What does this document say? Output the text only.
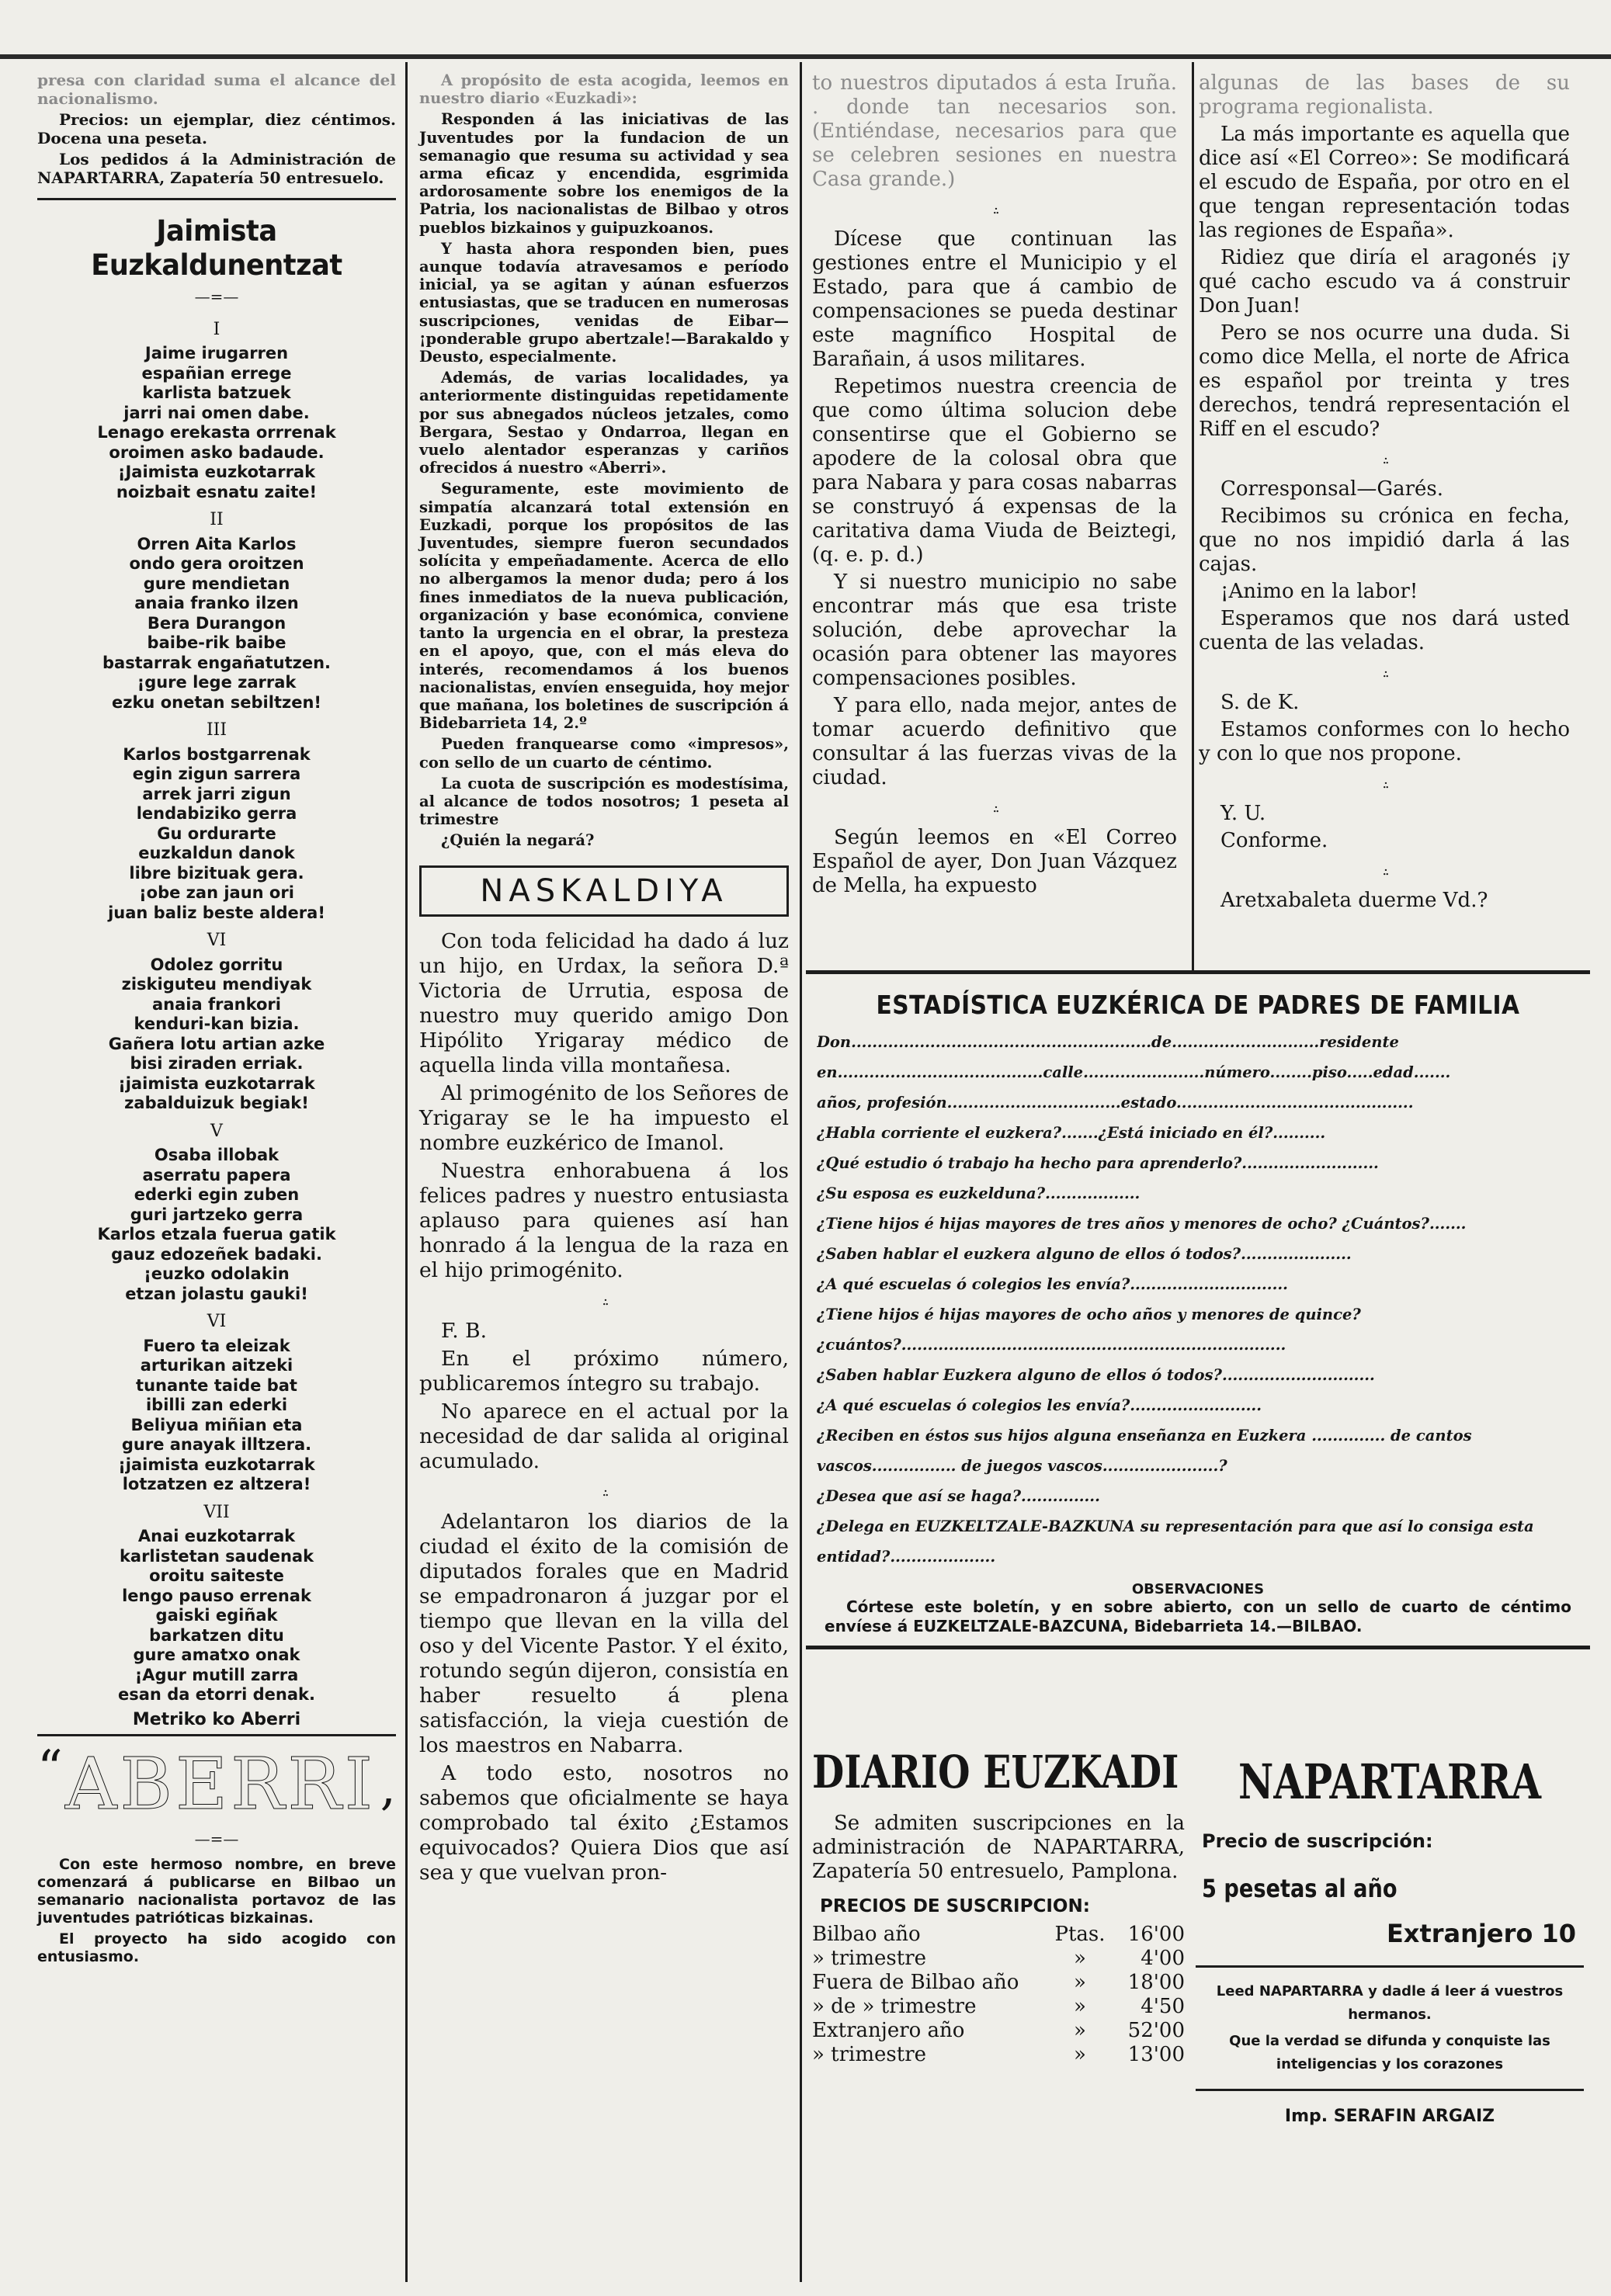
presa con claridad suma el alcance del nacionalismo.

Precios: un ejemplar, diez céntimos. Docena una peseta.

Los pedidos á la Administración de NAPARTARRA, Zapatería 50 entresuelo.

Jaimista Euzkaldunentzat
—=—
I
Jaime irugarren
españian errege
karlista batzuek
jarri nai omen dabe.
Lenago erekasta orrrenak
oroimen asko badaude.
¡Jaimista euzkotarrak
noizbait esnatu zaite!
II
Orren Aita Karlos
ondo gera oroitzen
gure mendietan
anaia franko ilzen
Bera Durangon
baibe-rik baibe
bastarrak engañatutzen.
¡gure lege zarrak
ezku onetan sebiltzen!
III
Karlos bostgarrenak
egin zigun sarrera
arrek jarri zigun
lendabiziko gerra
Gu ordurarte
euzkaldun danok
libre bizituak gera.
¡obe zan jaun ori
juan baliz beste aldera!
VI
Odolez gorritu
ziskiguteu mendiyak
anaia frankori
kenduri-kan bizia.
Gañera lotu artian azke
bisi ziraden erriak.
¡jaimista euzkotarrak
zabalduizuk begiak!
V
Osaba illobak
aserratu papera
ederki egin zuben
guri jartzeko gerra
Karlos etzala fuerua gatik
gauz edozeñek badaki.
¡euzko odolakin
etzan jolastu gauki!
VI
Fuero ta eleizak
arturikan aitzeki
tunante taide bat
ibilli zan ederki
Beliyua miñian eta
gure anayak illtzera.
¡jaimista euzkotarrak
lotzatzen ez altzera!
VII
Anai euzkotarrak
karlistetan saudenak
oroitu saiteste
lengo pauso errenak
gaiski egiñak
barkatzen ditu
gure amatxo onak
¡Agur mutill zarra
esan da etorri denak.
Metriko ko Aberri
“ ABERRI ,
—=—

Con este hermoso nombre, en breve comenzará á publicarse en Bilbao un semanario nacionalista portavoz de las juventudes patrióticas bizkainas.

El proyecto ha sido acogido con entusiasmo.

A propósito de esta acogida, leemos en nuestro diario «Euzkadi»:

Responden á las iniciativas de las Juventudes por la fundacion de un semanagio que resuma su actividad y sea arma eficaz y encendida, esgrimida ardorosamente sobre los enemigos de la Patria, los nacionalistas de Bilbao y otros pueblos bizkainos y guipuzkoanos.

Y hasta ahora responden bien, pues aunque todavía atravesamos e período inicial, ya se agitan y aúnan esfuerzos entusiastas, que se traducen en numerosas suscripciones, venidas de Eibar—¡ponderable grupo abertzale!—Barakaldo y Deusto, especialmente.

Además, de varias localidades, ya anteriormente distinguidas repetidamente por sus abnegados núcleos jetzales, como Bergara, Sestao y Ondarroa, llegan en vuelo alentador esperanzas y cariños ofrecidos á nuestro «Aberri».

Seguramente, este movimiento de simpatía alcanzará total extensión en Euzkadi, porque los propósitos de las Juventudes, siempre fueron secundados solícita y empeñadamente. Acerca de ello no albergamos la menor duda; pero á los fines inmediatos de la nueva publicación, organización y base económica, conviene tanto la urgencia en el obrar, la presteza en el apoyo, que, con el más eleva do interés, recomendamos á los buenos nacionalistas, envíen enseguida, hoy mejor que mañana, los boletines de suscripción á Bidebarrieta 14, 2.º

Pueden franquearse como «impresos», con sello de un cuarto de céntimo.

La cuota de suscripción es modestísima, al alcance de todos nosotros; 1 peseta al trimestre

¿Quién la negará?

NASKALDIYA

Con toda felicidad ha dado á luz un hijo, en Urdax, la señora D.ª Victoria de Urrutia, esposa de nuestro muy querido amigo Don Hipólito Yrigaray médico de aquella linda villa montañesa.

Al primogénito de los Señores de Yrigaray se le ha impuesto el nombre euzkérico de Imanol.

Nuestra enhorabuena á los felices padres y nuestro entusiasta aplauso para quienes así han honrado á la lengua de la raza en el hijo primogénito.

.·.

F. B.

En el próximo número, publicaremos íntegro su trabajo.

No aparece en el actual por la necesidad de dar salida al original acumulado.

.·.

Adelantaron los diarios de la ciudad el éxito de la comisión de diputados forales que en Madrid se empadronaron á juzgar por el tiempo que llevan en la villa del oso y del Vicente Pastor. Y el éxito, rotundo según dijeron, consistía en haber resuelto á plena satisfacción, la vieja cuestión de los maestros en Nabarra.

A todo esto, nosotros no sabemos que oficialmente se haya comprobado tal éxito ¿Estamos equivocados? Quiera Dios que así sea y que vuelvan pron-

to nuestros diputados á esta Iruña. . donde tan necesarios son. (Entiéndase, necesarios para que se celebren sesiones en nuestra Casa grande.)

.·.

Dícese que continuan las gestiones entre el Municipio y el Estado, para que á cambio de compensaciones se pueda destinar este magnífico Hospital de Barañain, á usos militares.

Repetimos nuestra creencia de que como última solucion debe consentirse que el Gobierno se apodere de la colosal obra que para Nabara y para cosas nabarras se construyó á expensas de la caritativa dama Viuda de Beiztegi, (q. e. p. d.)

Y si nuestro municipio no sabe encontrar más que esa triste solución, debe aprovechar la ocasión para obtener las mayores compensaciones posibles.

Y para ello, nada mejor, antes de tomar acuerdo definitivo que consultar á las fuerzas vivas de la ciudad.

.·.

Según leemos en «El Correo Español de ayer, Don Juan Vázquez de Mella, ha expuesto

algunas de las bases de su programa regionalista.

La más importante es aquella que dice así «El Correo»: Se modificará el escudo de España, por otro en el que tengan representación todas las regiones de España».

Ridiez que diría el aragonés ¡y qué cacho escudo va á construir Don Juan!

Pero se nos ocurre una duda. Si como dice Mella, el norte de Africa es español por treinta y tres derechos, tendrá representación el Riff en el escudo?

.·.

Corresponsal—Garés.

Recibimos su crónica en fecha, que no nos impidió darla á las cajas.

¡Animo en la labor!

Esperamos que nos dará usted cuenta de las veladas.

.·.

S. de K.

Estamos conformes con lo hecho y con lo que nos propone.

.·.

Y. U.

Conforme.

.·.

Aretxabaleta duerme Vd.?

ESTADÍSTICA EUZKÉRICA DE PADRES DE FAMILIA
Don.........................................................de............................residente
en.......................................calle.......................número........piso.....edad.......
años, profesión.................................estado.............................................
¿Habla corriente el euzkera?.......¿Está iniciado en él?..........
¿Qué estudio ó trabajo ha hecho para aprenderlo?..........................
¿Su esposa es euzkelduna?..................
¿Tiene hijos é hijas mayores de tres años y menores de ocho? ¿Cuántos?.......
¿Saben hablar el euzkera alguno de ellos ó todos?.....................
¿A qué escuelas ó colegios les envía?..............................
¿Tiene hijos é hijas mayores de ocho años y menores de quince? ¿cuántos?.........................................................................
¿Saben hablar Euzkera alguno de ellos ó todos?.............................
¿A qué escuelas ó colegios les envía?.........................
¿Reciben en éstos sus hijos alguna enseñanza en Euzkera .............. de cantos vascos................ de juegos vascos......................?
¿Desea que así se haga?...............
¿Delega en EUZKELTZALE-BAZKUNA su representación para que así lo consiga esta entidad?....................
OBSERVACIONES

Córtese este boletín, y en sobre abierto, con un sello de cuarto de céntimo envíese á EUZKELTZALE-BAZCUNA, Bidebarrieta 14.—BILBAO.

DIARIO EUZKADI

Se admiten suscripciones en la administración de NAPARTARRA, Zapatería 50 entresuelo, Pamplona.

PRECIOS DE SUSCRIPCION:
Bilbao año	Ptas.	16'00
» trimestre	»	4'00
Fuera de Bilbao año	»	18'00
» de » trimestre	»	4'50
Extranjero año	»	52'00
» trimestre	»	13'00
NAPARTARRA
Precio de suscripción:
5 pesetas al año
Extranjero 10

Leed NAPARTARRA y dadle á leer á vuestros hermanos.

Que la verdad se difunda y conquiste las inteligencias y los corazones

Imp. SERAFIN ARGAIZ
